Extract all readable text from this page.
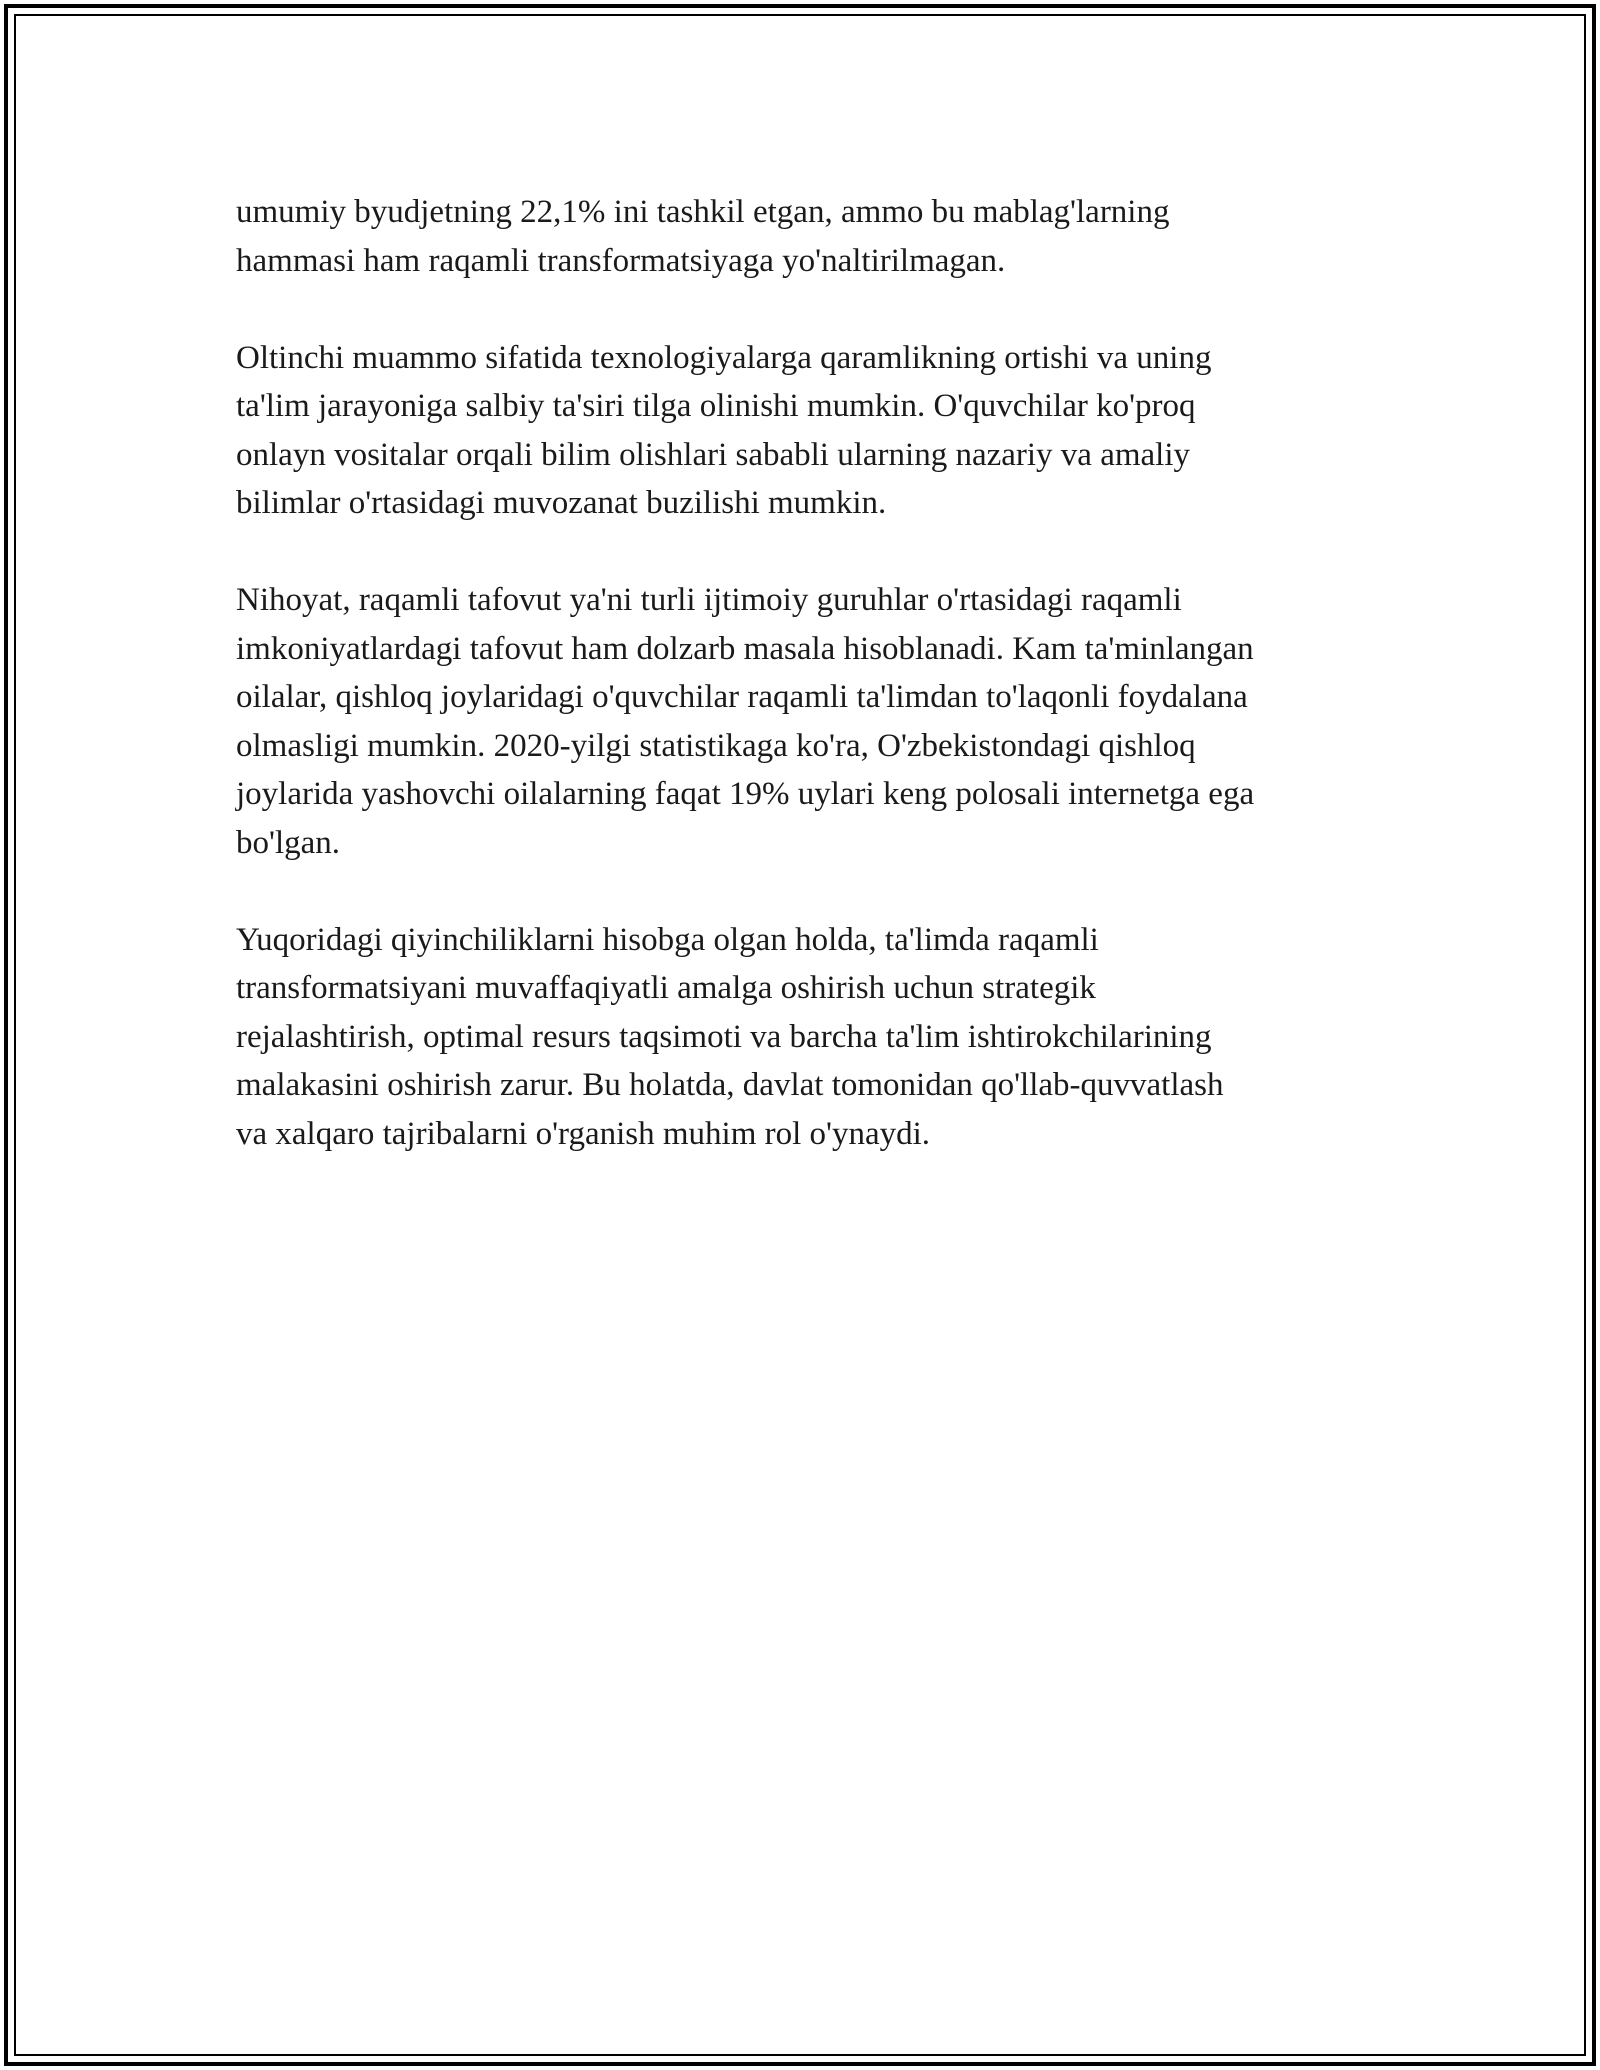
umumiy byudjetning 22,1% ini tashkil etgan, ammo bu mablag'larning
hammasi ham raqamli transformatsiyaga yo'naltirilmagan.

Oltinchi muammo sifatida texnologiyalarga qaramlikning ortishi va uning
ta'lim jarayoniga salbiy ta'siri tilga olinishi mumkin. O'quvchilar ko'proq
onlayn vositalar orqali bilim olishlari sababli ularning nazariy va amaliy
bilimlar o'rtasidagi muvozanat buzilishi mumkin.

Nihoyat, raqamli tafovut ya'ni turli ijtimoiy guruhlar o'rtasidagi raqamli
imkoniyatlardagi tafovut ham dolzarb masala hisoblanadi. Kam ta'minlangan
oilalar, qishloq joylaridagi o'quvchilar raqamli ta'limdan to'laqonli foydalana
olmasligi mumkin. 2020-yilgi statistikaga ko'ra, O'zbekistondagi qishloq
joylarida yashovchi oilalarning faqat 19% uylari keng polosali internetga ega
bo'lgan.

Yuqoridagi qiyinchiliklarni hisobga olgan holda, ta'limda raqamli
transformatsiyani muvaffaqiyatli amalga oshirish uchun strategik
rejalashtirish, optimal resurs taqsimoti va barcha ta'lim ishtirokchilarining
malakasini oshirish zarur. Bu holatda, davlat tomonidan qo'llab-quvvatlash
va xalqaro tajribalarni o'rganish muhim rol o'ynaydi.
